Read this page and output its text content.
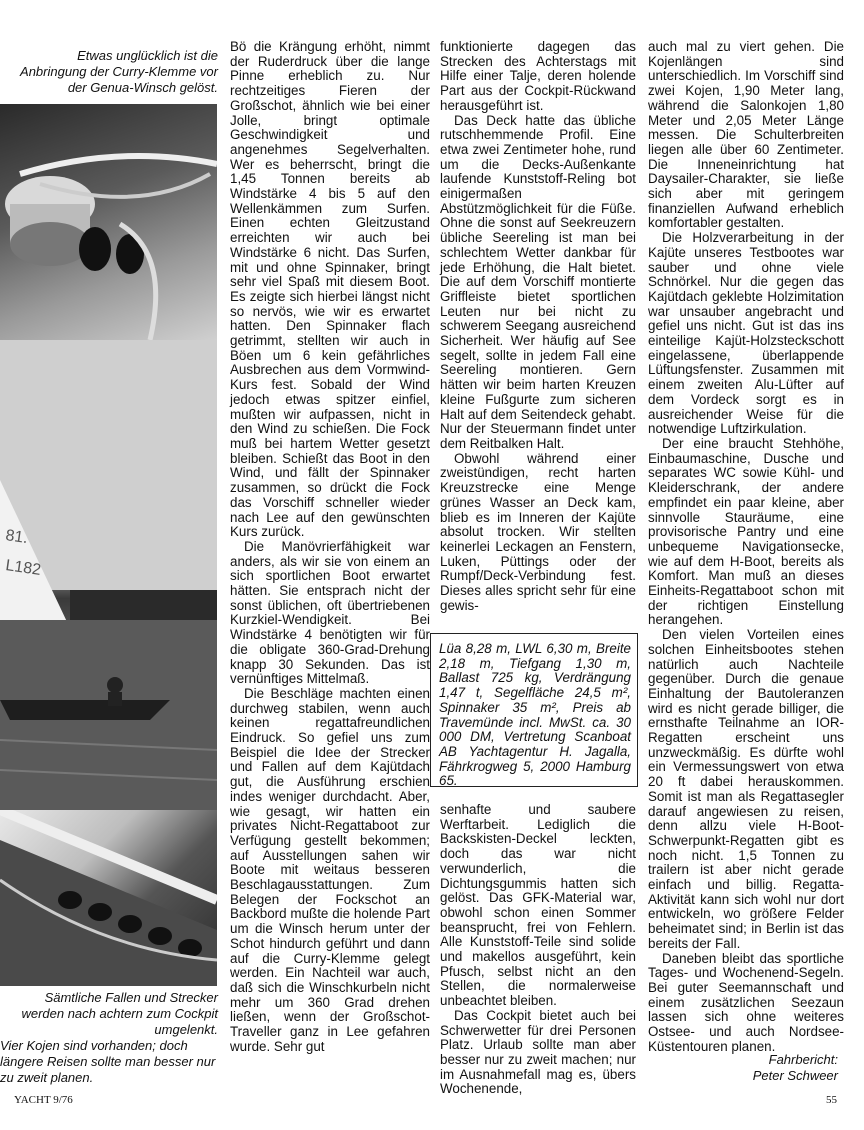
Etwas unglücklich ist die Anbringung der Curry-Klemme vor der Genua-Winsch gelöst.
81.
L182
Sämtliche Fallen und Strecker werden nach achtern zum Cockpit umgelenkt.
Vier Kojen sind vorhanden; doch längere Reisen sollte man besser nur zu zweit planen.

Bö die Krängung erhöht, nimmt der Ruderdruck über die lange Pinne erheblich zu. Nur rechtzeitiges Fieren der Großschot, ähnlich wie bei einer Jolle, bringt optimale Geschwindigkeit und angenehmes Segelverhalten. Wer es beherrscht, bringt die 1,45 Tonnen bereits ab Windstärke 4 bis 5 auf den Wellenkämmen zum Surfen. Einen echten Gleitzustand erreichten wir auch bei Windstärke 6 nicht. Das Surfen, mit und ohne Spinnaker, bringt sehr viel Spaß mit diesem Boot. Es zeigte sich hierbei längst nicht so nervös, wie wir es erwartet hatten. Den Spinnaker flach getrimmt, stellten wir auch in Böen um 6 kein gefährliches Ausbrechen aus dem Vormwind-Kurs fest. Sobald der Wind jedoch etwas spitzer einfiel, mußten wir aufpassen, nicht in den Wind zu schießen. Die Fock muß bei hartem Wetter gesetzt bleiben. Schießt das Boot in den Wind, und fällt der Spinnaker zusammen, so drückt die Fock das Vorschiff schneller wieder nach Lee auf den gewünschten Kurs zurück.

Die Manövrierfähigkeit war anders, als wir sie von einem an sich sportlichen Boot erwartet hätten. Sie entsprach nicht der sonst üblichen, oft übertriebenen Kurzkiel-Wendigkeit. Bei Windstärke 4 benötigten wir für die obligate 360-Grad-Drehung knapp 30 Sekunden. Das ist vernünftiges Mittelmaß.

Die Beschläge machten einen durchweg stabilen, wenn auch keinen regattafreundlichen Eindruck. So gefiel uns zum Beispiel die Idee der Strecker und Fallen auf dem Kajütdach gut, die Ausführung erschien indes weniger durchdacht. Aber, wie gesagt, wir hatten ein privates Nicht-Regattaboot zur Verfügung gestellt bekommen; auf Ausstellungen sahen wir Boote mit weitaus besseren Beschlagausstattungen. Zum Belegen der Fockschot an Backbord mußte die holende Part um die Winsch herum unter der Schot hindurch geführt und dann auf die Curry-Klemme gelegt werden. Ein Nachteil war auch, daß sich die Winschkurbeln nicht mehr um 360 Grad drehen ließen, wenn der Großschot-Traveller ganz in Lee gefahren wurde. Sehr gut

funktionierte dagegen das Strecken des Achterstags mit Hilfe einer Talje, deren holende Part aus der Cockpit-Rückwand herausgeführt ist.

Das Deck hatte das übliche rutschhemmende Profil. Eine etwa zwei Zentimeter hohe, rund um die Decks-Außenkante laufende Kunststoff-Reling bot einigermaßen Abstützmöglichkeit für die Füße. Ohne die sonst auf Seekreuzern übliche Seereling ist man bei schlechtem Wetter dankbar für jede Erhöhung, die Halt bietet. Die auf dem Vorschiff montierte Griffleiste bietet sportlichen Leuten nur bei nicht zu schwerem Seegang ausreichend Sicherheit. Wer häufig auf See segelt, sollte in jedem Fall eine Seereling montieren. Gern hätten wir beim harten Kreuzen kleine Fußgurte zum sicheren Halt auf dem Seitendeck gehabt. Nur der Steuermann findet unter dem Reitbalken Halt.

Obwohl während einer zweistündigen, recht harten Kreuzstrecke eine Menge grünes Wasser an Deck kam, blieb es im Inneren der Kajüte absolut trocken. Wir stellten keinerlei Leckagen an Fenstern, Luken, Püttings oder der Rumpf/Deck-Verbindung fest. Dieses alles spricht sehr für eine gewis-

Lüa 8,28 m, LWL 6,30 m, Breite 2,18 m, Tiefgang 1,30 m, Ballast 725 kg, Verdrängung 1,47 t, Segelfläche 24,5 m², Spinnaker 35 m², Preis ab Travemünde incl. MwSt. ca. 30 000 DM, Vertretung Scanboat AB Yachtagentur H. Jagalla, Fährkrogweg 5, 2000 Hamburg 65.

senhafte und saubere Werftarbeit. Lediglich die Backskisten-Deckel leckten, doch das war nicht verwunderlich, die Dichtungsgummis hatten sich gelöst. Das GFK-Material war, obwohl schon einen Sommer beansprucht, frei von Fehlern. Alle Kunststoff-Teile sind solide und makellos ausgeführt, kein Pfusch, selbst nicht an den Stellen, die normalerweise unbeachtet bleiben.

Das Cockpit bietet auch bei Schwerwetter für drei Personen Platz. Urlaub sollte man aber besser nur zu zweit machen; nur im Ausnahmefall mag es, übers Wochenende,

auch mal zu viert gehen. Die Kojenlängen sind unterschiedlich. Im Vorschiff sind zwei Kojen, 1,90 Meter lang, während die Salonkojen 1,80 Meter und 2,05 Meter Länge messen. Die Schulterbreiten liegen alle über 60 Zentimeter. Die Inneneinrichtung hat Daysailer-Charakter, sie ließe sich aber mit geringem finanziellen Aufwand erheblich komfortabler gestalten.

Die Holzverarbeitung in der Kajüte unseres Testbootes war sauber und ohne viele Schnörkel. Nur die gegen das Kajütdach geklebte Holzimitation war unsauber angebracht und gefiel uns nicht. Gut ist das ins einteilige Kajüt-Holzsteckschott eingelassene, überlappende Lüftungsfenster. Zusammen mit einem zweiten Alu-Lüfter auf dem Vordeck sorgt es in ausreichender Weise für die notwendige Luftzirkulation.

Der eine braucht Stehhöhe, Einbaumaschine, Dusche und separates WC sowie Kühl- und Kleiderschrank, der andere empfindet ein paar kleine, aber sinnvolle Stauräume, eine provisorische Pantry und eine unbequeme Navigationsecke, wie auf dem H-Boot, bereits als Komfort. Man muß an dieses Einheits-Regattaboot schon mit der richtigen Einstellung herangehen.

Den vielen Vorteilen eines solchen Einheitsbootes stehen natürlich auch Nachteile gegenüber. Durch die genaue Einhaltung der Bautoleranzen wird es nicht gerade billiger, die ernsthafte Teilnahme an IOR-Regatten erscheint uns unzweckmäßig. Es dürfte wohl ein Vermessungswert von etwa 20 ft dabei herauskommen. Somit ist man als Regattasegler darauf angewiesen zu reisen, denn allzu viele H-Boot-Schwerpunkt-Regatten gibt es noch nicht. 1,5 Tonnen zu trailern ist aber nicht gerade einfach und billig. Regatta-Aktivität kann sich wohl nur dort entwickeln, wo größere Felder beheimatet sind; in Berlin ist das bereits der Fall.

Daneben bleibt das sportliche Tages- und Wochenend-Segeln. Bei guter Seemannschaft und einem zusätzlichen Seezaun lassen sich ohne weiteres Ostsee- und auch Nordsee-Küstentouren planen.

Fahrbericht:
Peter Schweer
YACHT 9/76	55
